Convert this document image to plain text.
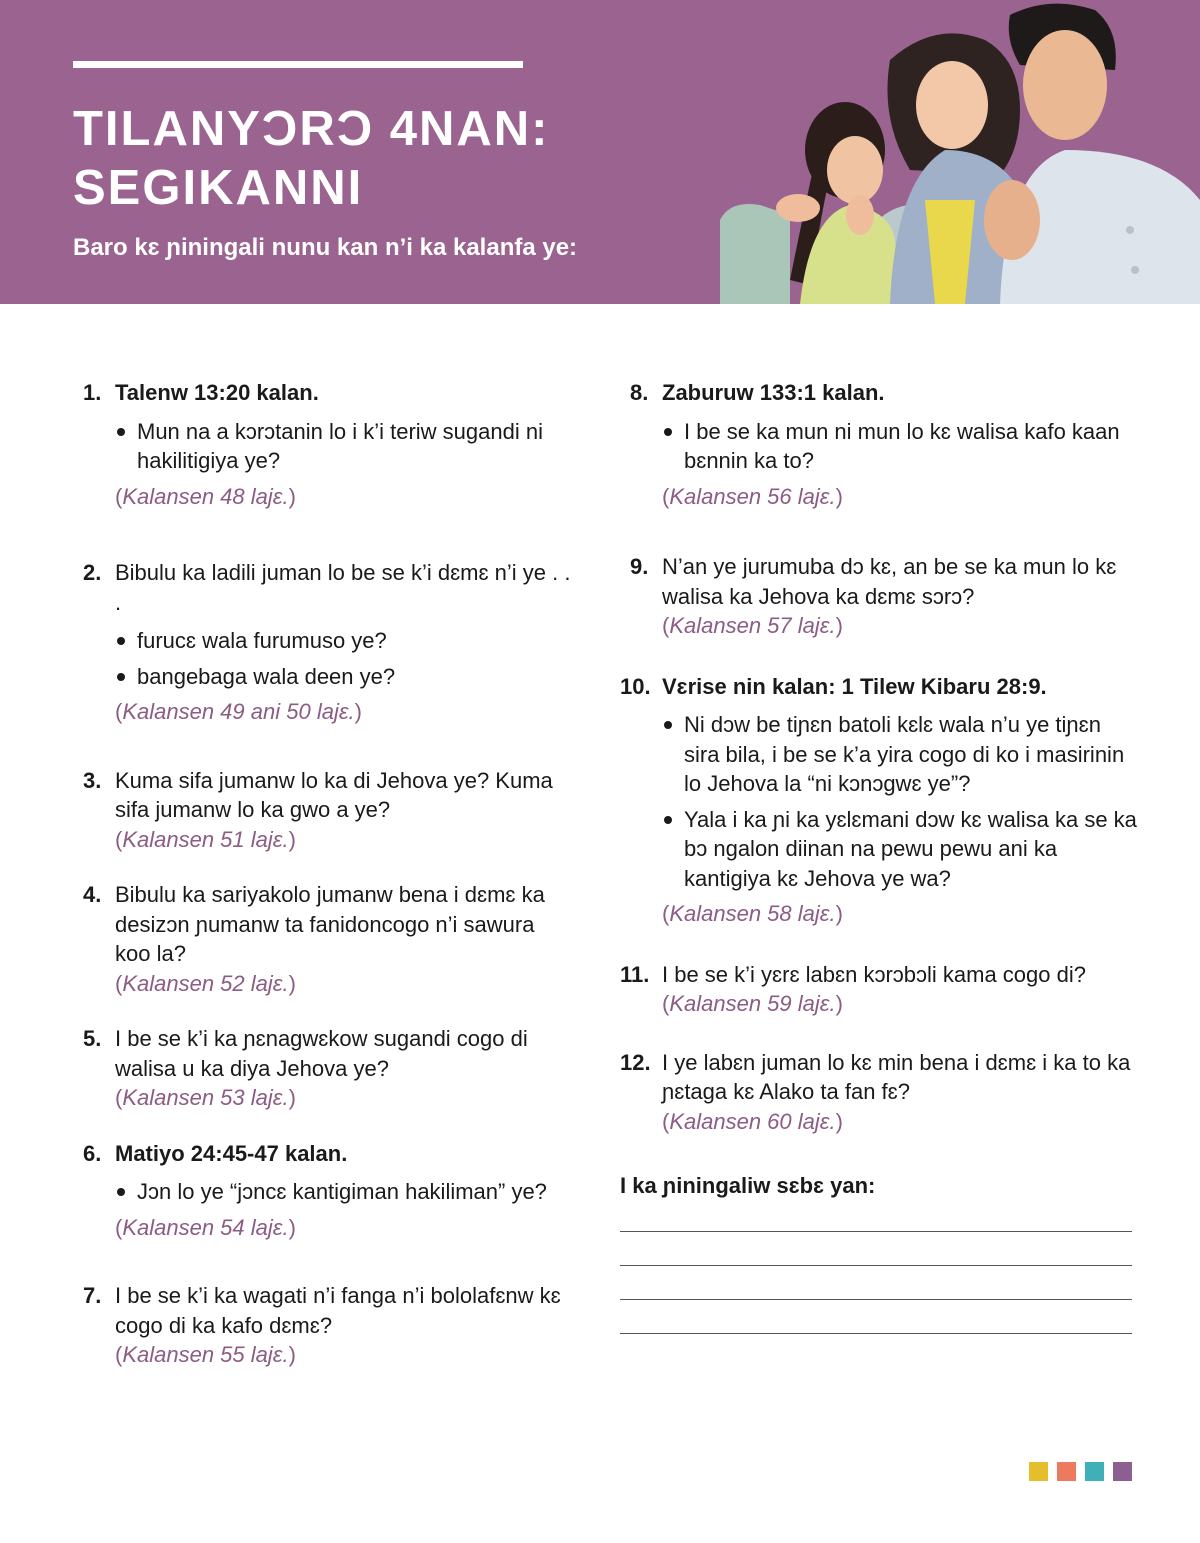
TILANYƆRƆ 4NAN:
SEGIKANNI

Baro kɛ ɲiningali nunu kan n’i ka kalanfa ye:

1. Talenw 13:20 kalan.
Mun na a kɔrɔtanin lo i k’i teriw sugandi ni hakilitigiya ye?
(Kalansen 48 lajɛ.)
2. Bibulu ka ladili juman lo be se k’i dɛmɛ n’i ye . . .
furucɛ wala furumuso ye?
bangebaga wala deen ye?
(Kalansen 49 ani 50 lajɛ.)
3. Kuma sifa jumanw lo ka di Jehova ye? Kuma sifa jumanw lo ka gwo a ye?
(Kalansen 51 lajɛ.)
4. Bibulu ka sariyakolo jumanw bena i dɛmɛ ka desizɔn ɲumanw ta fanidoncogo n’i sawura koo la?
(Kalansen 52 lajɛ.)
5. I be se k’i ka ɲɛnagwɛkow sugandi cogo di walisa u ka diya Jehova ye?
(Kalansen 53 lajɛ.)
6. Matiyo 24:45-47 kalan.
Jɔn lo ye “jɔncɛ kantigiman hakiliman” ye?
(Kalansen 54 lajɛ.)
7. I be se k’i ka wagati n’i fanga n’i bololafɛnw kɛ cogo di ka kafo dɛmɛ?
(Kalansen 55 lajɛ.)
8. Zaburuw 133:1 kalan.
I be se ka mun ni mun lo kɛ walisa kafo kaan bɛnnin ka to?
(Kalansen 56 lajɛ.)
9. N’an ye jurumuba dɔ kɛ, an be se ka mun lo kɛ walisa ka Jehova ka dɛmɛ sɔrɔ?
(Kalansen 57 lajɛ.)
10. Vɛrise nin kalan: 1 Tilew Kibaru 28:9.
Ni dɔw be tiɲɛn batoli kɛlɛ wala n’u ye tiɲɛn sira bila, i be se k’a yira cogo di ko i masirinin lo Jehova la “ni kɔnɔgwɛ ye”?
Yala i ka ɲi ka yɛlɛmani dɔw kɛ walisa ka se ka bɔ ngalon diinan na pewu pewu ani ka kantigiya kɛ Jehova ye wa?
(Kalansen 58 lajɛ.)
11. I be se k’i yɛrɛ labɛn kɔrɔbɔli kama cogo di?
(Kalansen 59 lajɛ.)
12. I ye labɛn juman lo kɛ min bena i dɛmɛ i ka to ka ɲɛtaga kɛ Alako ta fan fɛ?
(Kalansen 60 lajɛ.)

I ka ɲiningaliw sɛbɛ yan:
